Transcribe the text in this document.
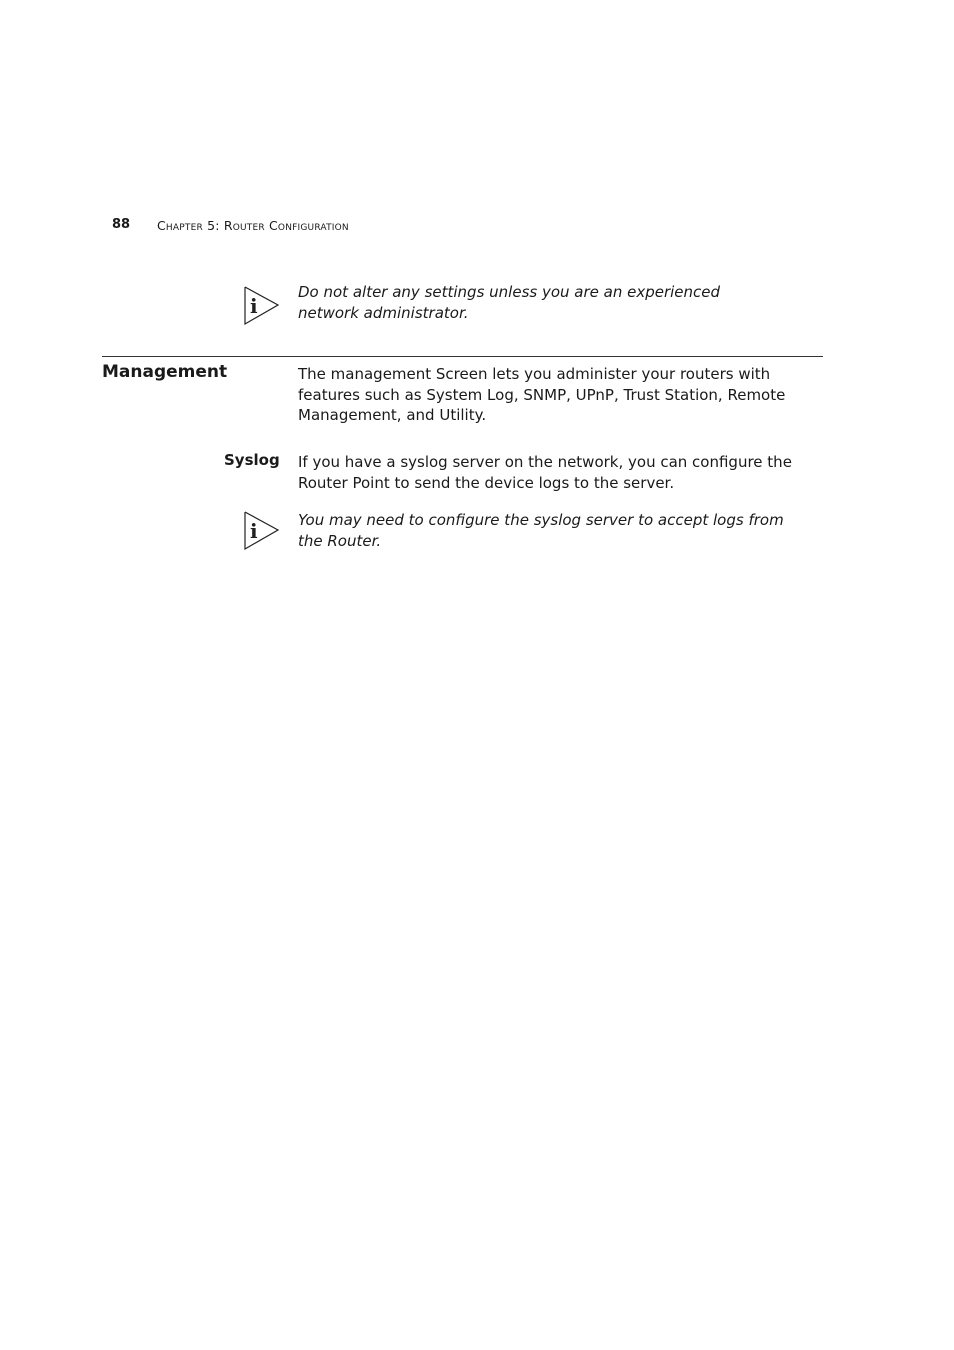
88 Chapter 5: Router Configuration
i
Do not alter any settings unless you are an experienced network administrator.
Management	The management Screen lets you administer your routers with features such as System Log, SNMP, UPnP, Trust Station, Remote Management, and Utility.
Syslog If you have a syslog server on the network, you can configure the Router Point to send the device logs to the server.
i	You may need to configure the syslog server to accept logs from the Router.
